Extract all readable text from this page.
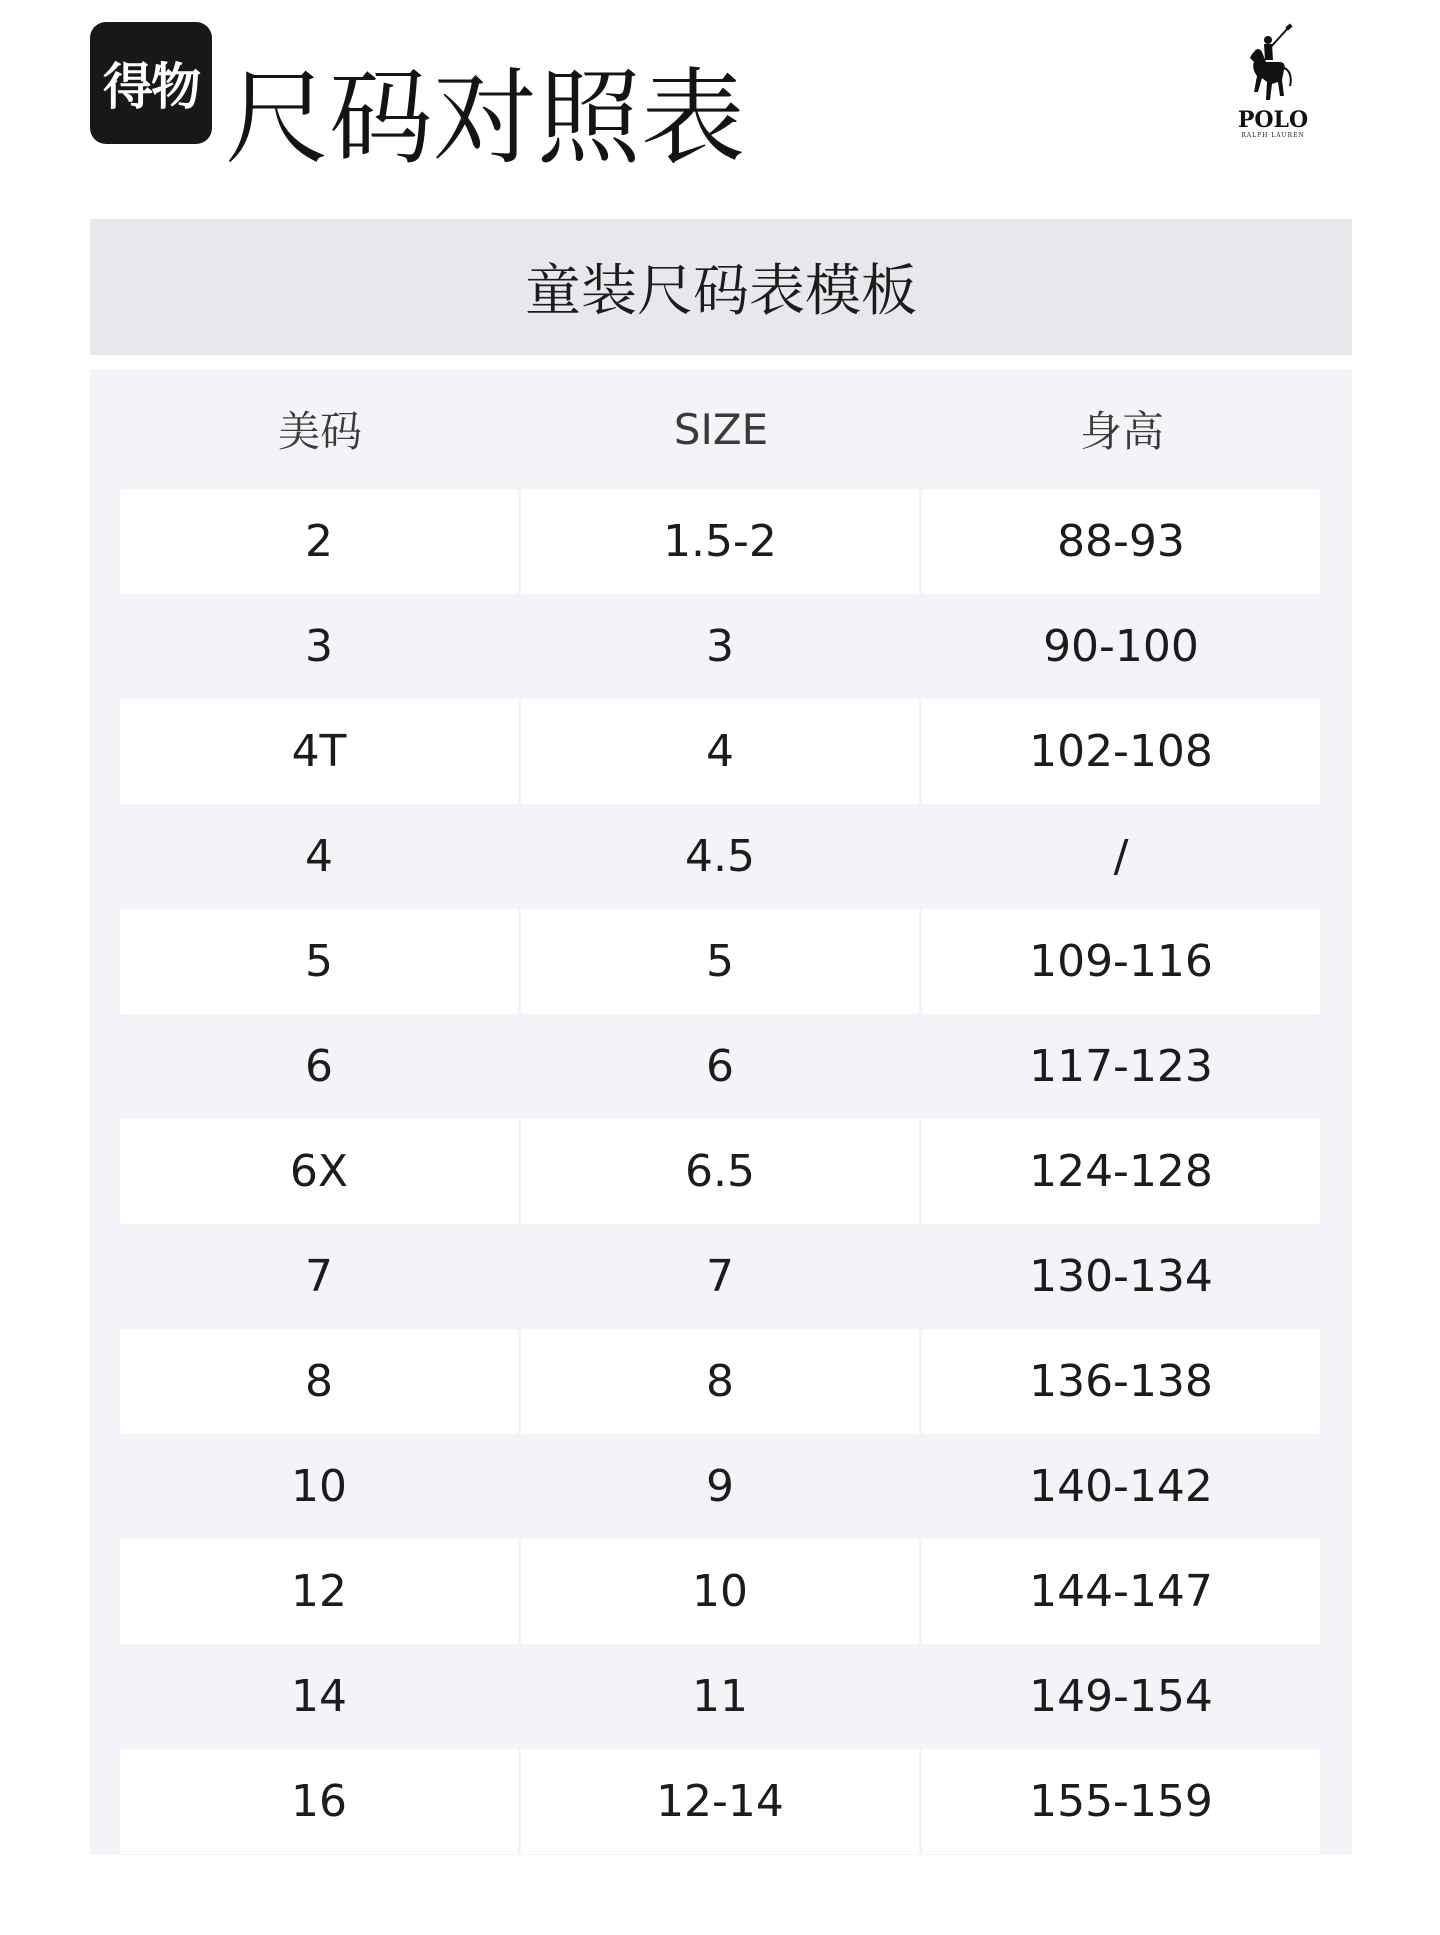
得物 尺码对照表	POLO
RALPH LAUREN
童装尺码表模板
美码	SIZE	身高
2	1.5-2	88-93
3	3	90-100
4T	4	102-108
4	4.5	/
5	5	109-116
6	6	117-123
6X	6.5	124-128
7	7	130-134
8	8	136-138
10	9	140-142
12	10	144-147
14	11	149-154
16	12-14	155-159
